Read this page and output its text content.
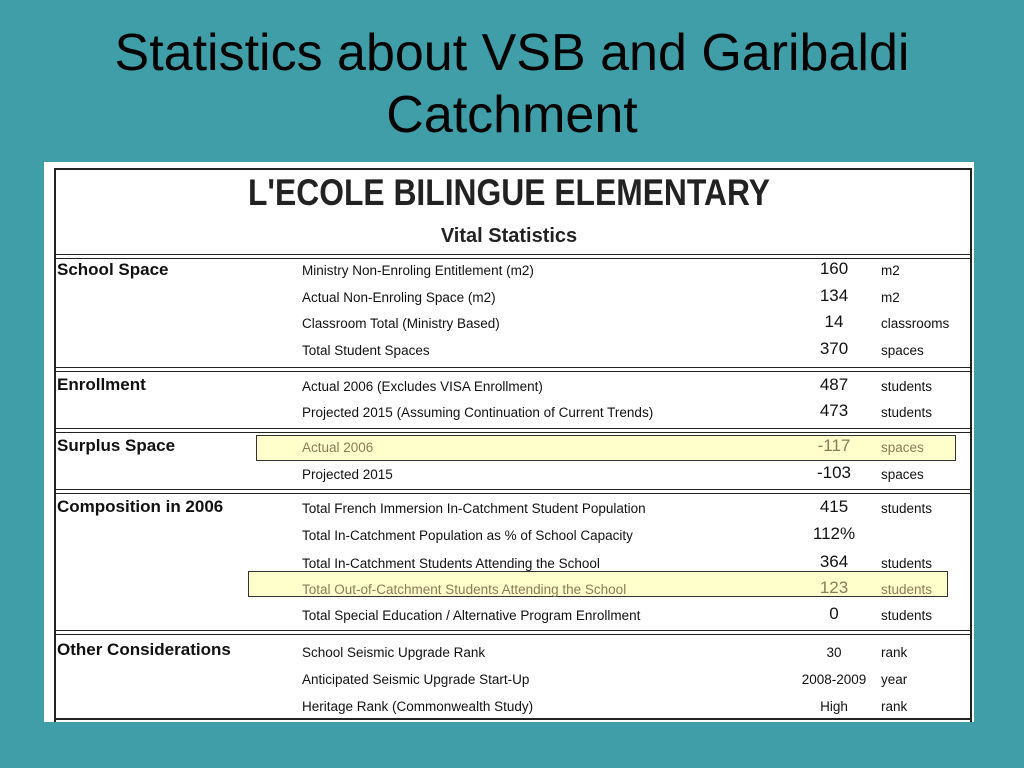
Statistics about VSB and Garibaldi
Catchment
L'ECOLE BILINGUE ELEMENTARY
Vital Statistics
School Space	Ministry Non-Enroling Entitlement (m2)	160	m2
Actual Non-Enroling Space (m2)	134	m2
Classroom Total (Ministry Based)	14	classrooms
Total Student Spaces	370	spaces
Enrollment	Actual 2006 (Excludes VISA Enrollment)	487	students
Projected 2015 (Assuming Continuation of Current Trends)	473	students
Surplus Space	Actual 2006	-117	spaces
Projected 2015	-103	spaces
Composition in 2006	Total French Immersion In-Catchment Student Population	415	students
Total In-Catchment Population as % of School Capacity	112%
Total In-Catchment Students Attending the School	364	students
Total Out-of-Catchment Students Attending the School	123	students
Total Special Education / Alternative Program Enrollment	0	students
Other Considerations	School Seismic Upgrade Rank	30	rank
Anticipated Seismic Upgrade Start-Up	2008-2009	year
Heritage Rank (Commonwealth Study)	High	rank
